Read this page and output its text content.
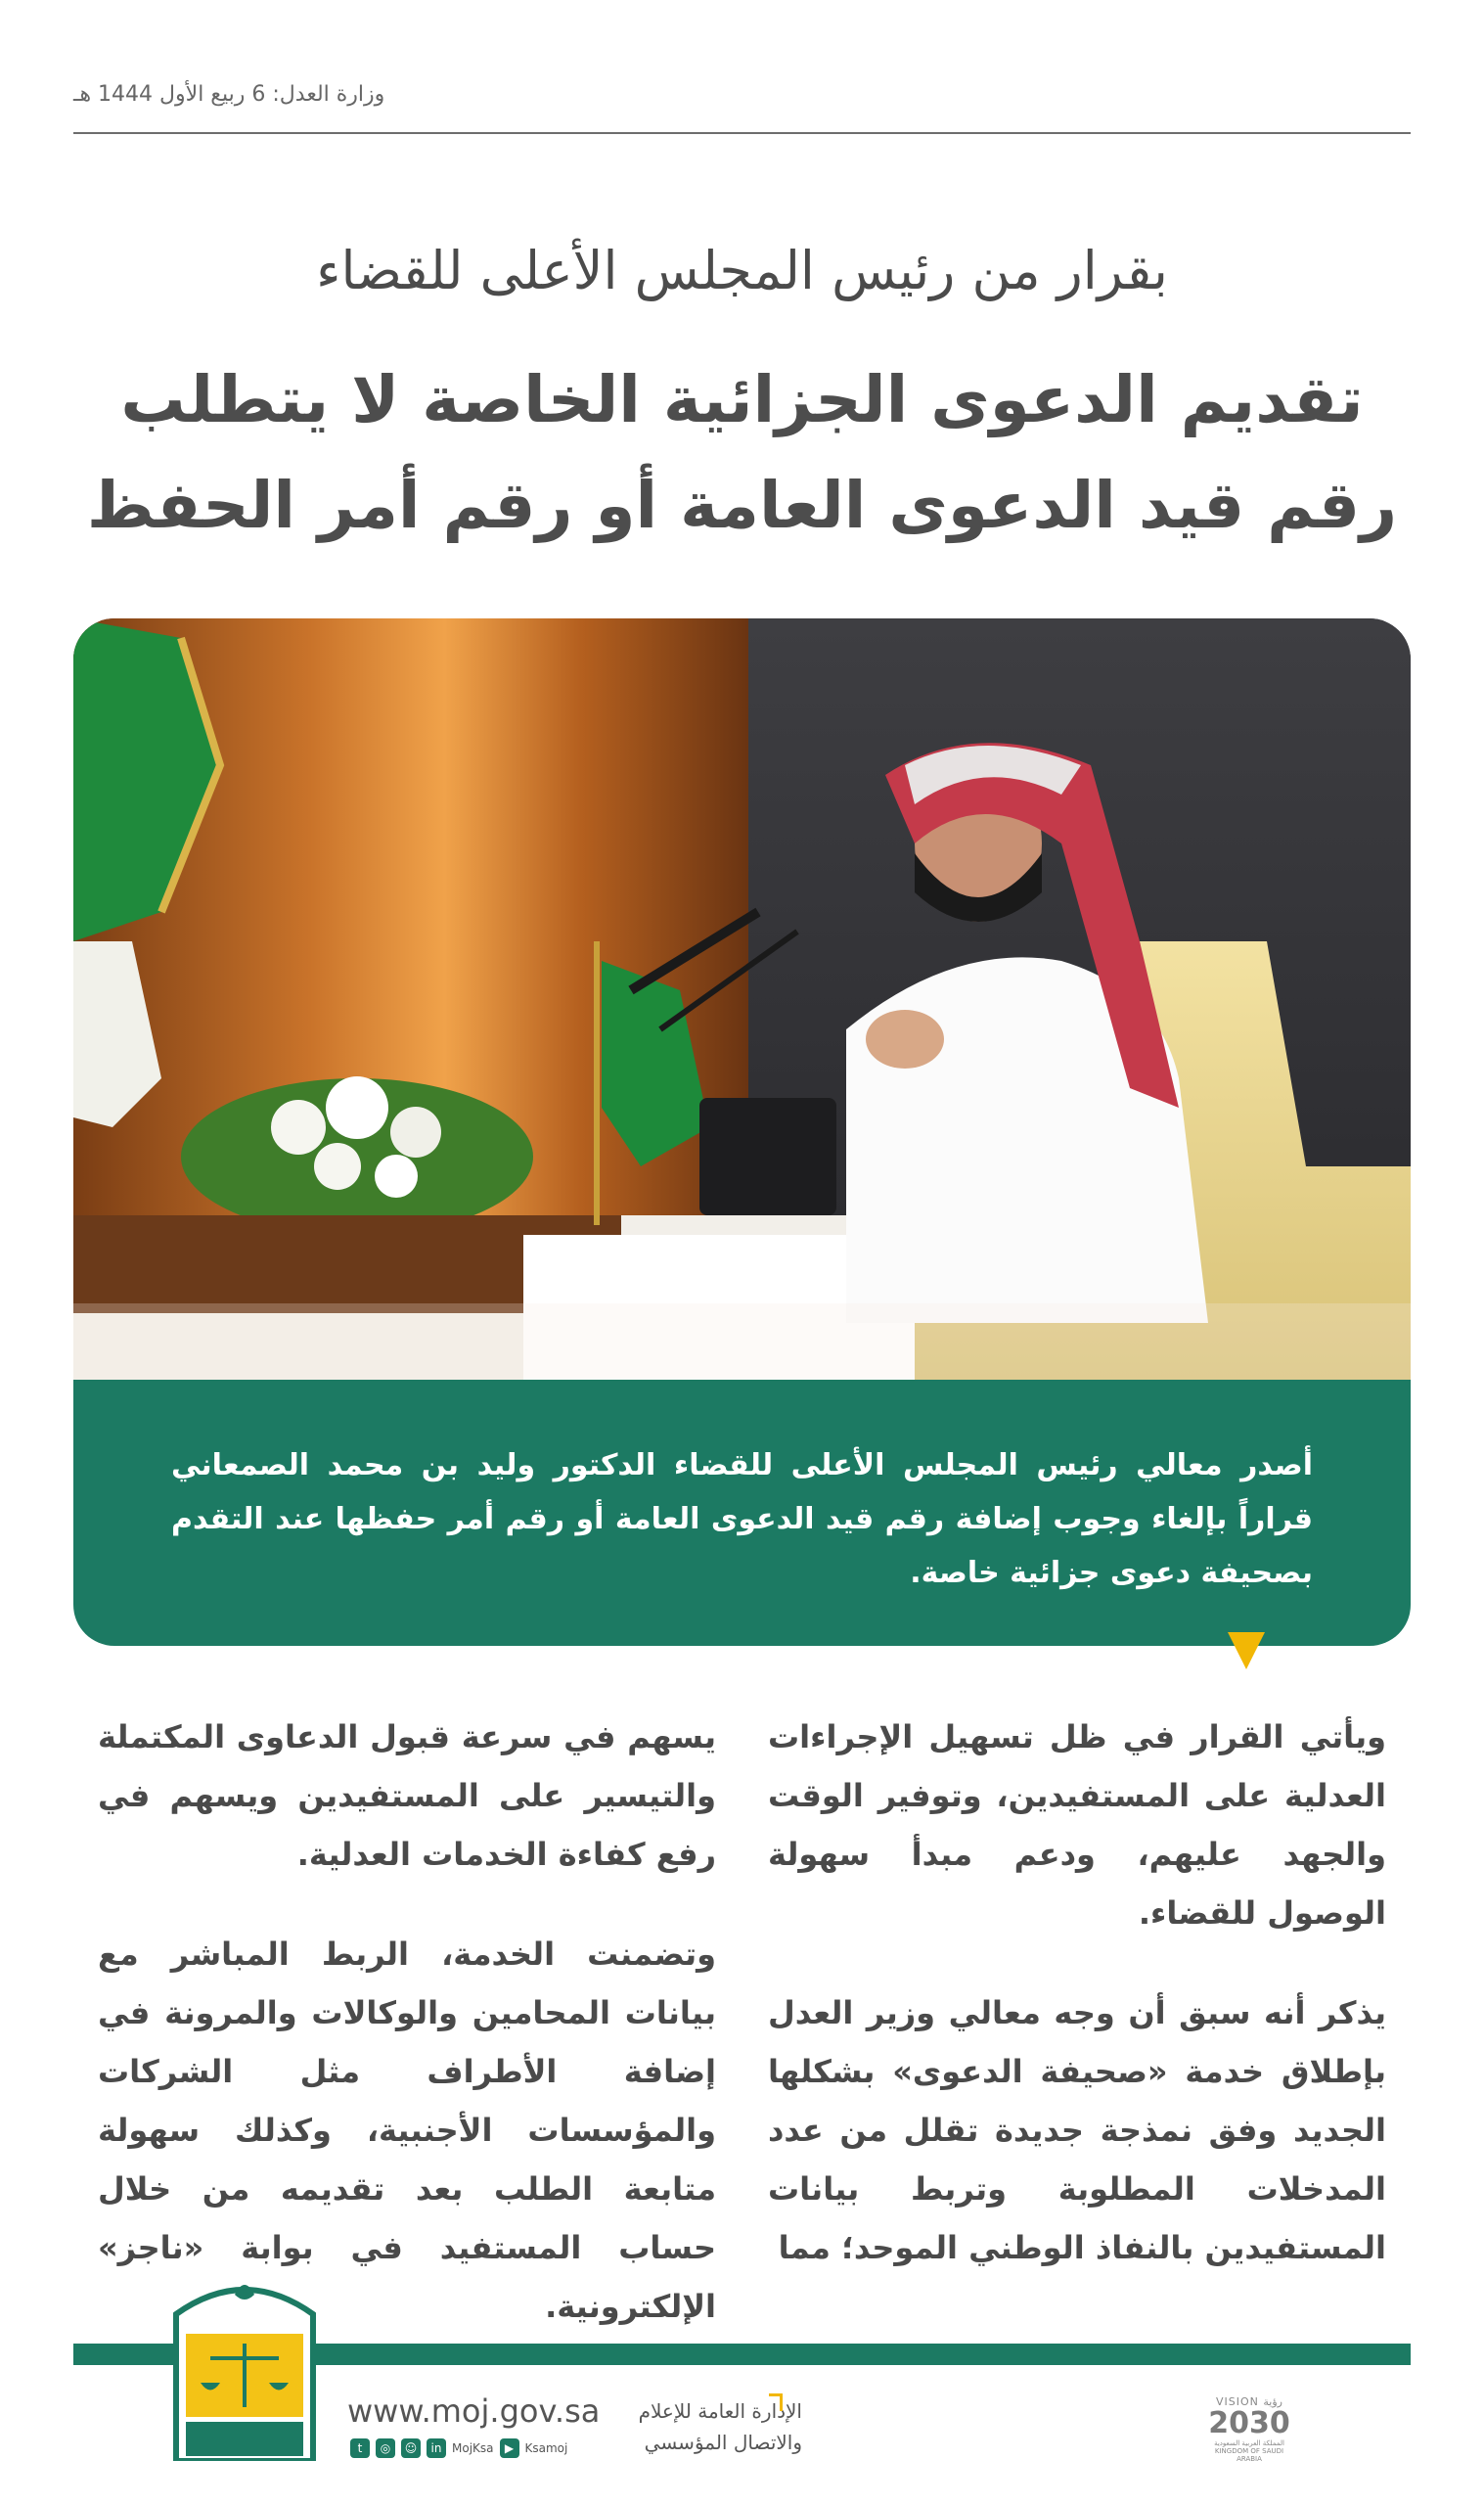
وزارة العدل: 6 ربيع الأول 1444 هـ
بقرار من رئيس المجلس الأعلى للقضاء
تقديم الدعوى الجزائية الخاصة لا يتطلب
رقم قيد الدعوى العامة أو رقم أمر الحفظ

أصدر معالي رئيس المجلس الأعلى للقضاء الدكتور وليد بن محمد الصمعاني قراراً بإلغاء وجوب إضافة رقم قيد الدعوى العامة أو رقم أمر حفظها عند التقدم بصحيفة دعوى جزائية خاصة.

ويأتي القرار في ظل تسهيل الإجراءات العدلية على المستفيدين، وتوفير الوقت والجهد عليهم، ودعم مبدأ سهولة الوصول للقضاء.

يذكر أنه سبق أن وجه معالي وزير العدل بإطلاق خدمة «صحيفة الدعوى» بشكلها الجديد وفق نمذجة جديدة تقلل من عدد المدخلات المطلوبة وتربط بيانات المستفيدين بالنفاذ الوطني الموحد؛ مما

يسهم في سرعة قبول الدعاوى المكتملة والتيسير على المستفيدين ويسهم في رفع كفاءة الخدمات العدلية.

وتضمنت الخدمة، الربط المباشر مع بيانات المحامين والوكالات والمرونة في إضافة الأطراف مثل الشركات والمؤسسات الأجنبية، وكذلك سهولة متابعة الطلب بعد تقديمه من خلال حساب المستفيد في بوابة «ناجز» الإلكترونية.

www.moj.gov.sa
t	◎	☺	in MojKsa ▶ Ksamoj
الإدارة العامة للإعلام
والاتصال المؤسسي
VISION رؤية
2030
المملكة العربية السعودية KINGDOM OF SAUDI ARABIA
